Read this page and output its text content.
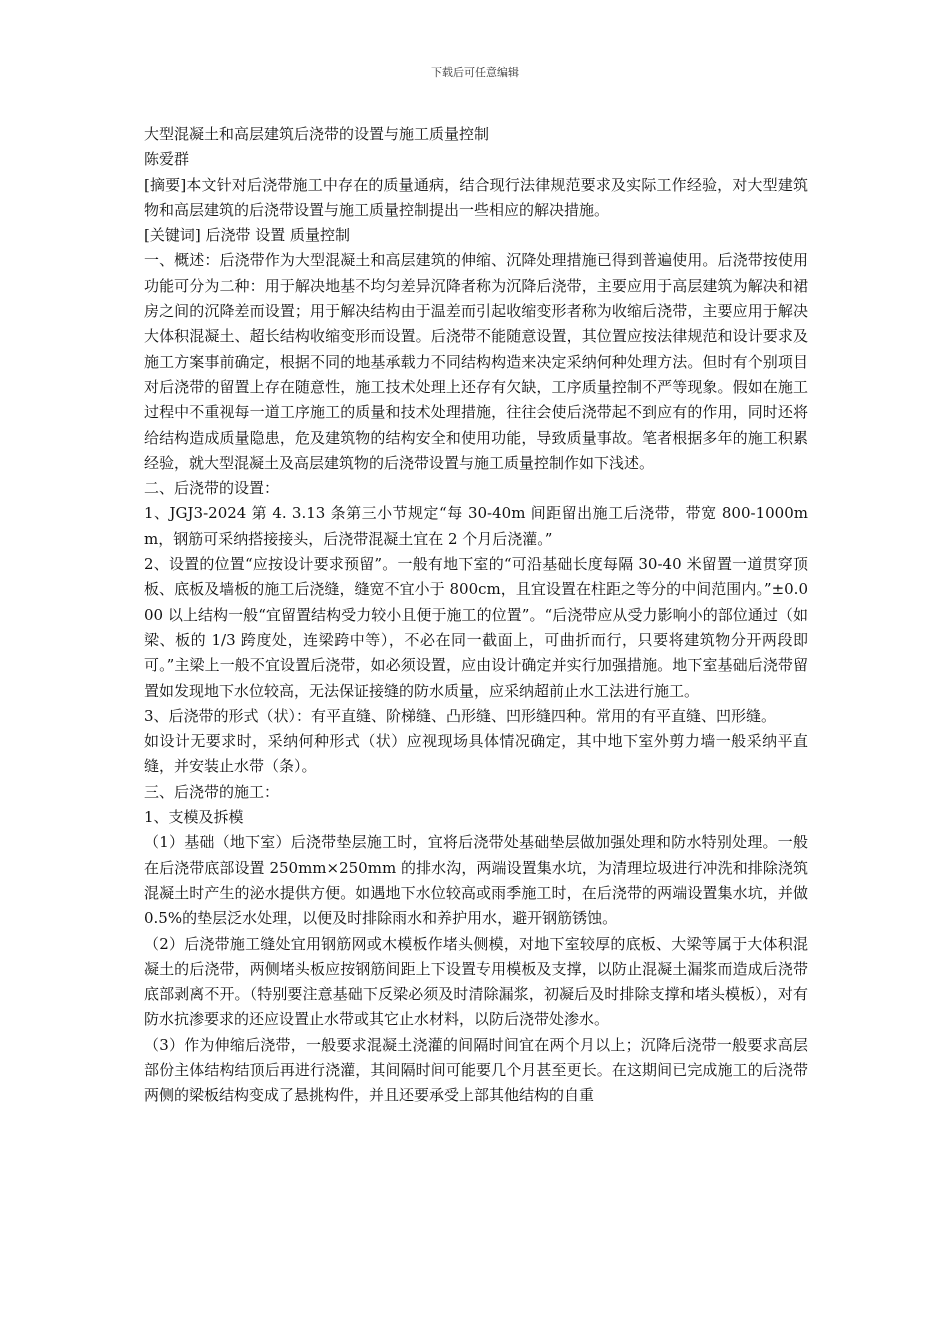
下载后可任意编辑

大型混凝土和高层建筑后浇带的设置与施工质量控制

陈爱群

[摘要]本文针对后浇带施工中存在的质量通病，结合现行法律规范要求及实际工作经验，对大型建筑物和高层建筑的后浇带设置与施工质量控制提出一些相应的解决措施。

[关键词] 后浇带 设置 质量控制

一、概述：后浇带作为大型混凝土和高层建筑的伸缩、沉降处理措施已得到普遍使用。后浇带按使用功能可分为二种：用于解决地基不均匀差异沉降者称为沉降后浇带，主要应用于高层建筑为解决和裙房之间的沉降差而设置；用于解决结构由于温差而引起收缩变形者称为收缩后浇带，主要应用于解决大体积混凝土、超长结构收缩变形而设置。后浇带不能随意设置，其位置应按法律规范和设计要求及施工方案事前确定，根据不同的地基承载力不同结构构造来决定采纳何种处理方法。但时有个别项目对后浇带的留置上存在随意性，施工技术处理上还存有欠缺，工序质量控制不严等现象。假如在施工过程中不重视每一道工序施工的质量和技术处理措施，往往会使后浇带起不到应有的作用，同时还将给结构造成质量隐患，危及建筑物的结构安全和使用功能，导致质量事故。笔者根据多年的施工积累经验，就大型混凝土及高层建筑物的后浇带设置与施工质量控制作如下浅述。

二、后浇带的设置：

1、JGJ3-2024 第 4. 3.13 条第三小节规定“每 30-40m 间距留出施工后浇带，带宽 800-1000mm，钢筋可采纳搭接接头，后浇带混凝土宜在 2 个月后浇灌。”

2、设置的位置“应按设计要求预留”。一般有地下室的“可沿基础长度每隔 30-40 米留置一道贯穿顶板、底板及墙板的施工后浇缝，缝宽不宜小于 800cm，且宜设置在柱距之等分的中间范围内。”±0.000 以上结构一般“宜留置结构受力较小且便于施工的位置”。“后浇带应从受力影响小的部位通过（如梁、板的 1/3 跨度处，连梁跨中等），不必在同一截面上，可曲折而行，只要将建筑物分开两段即可。”主梁上一般不宜设置后浇带，如必须设置，应由设计确定并实行加强措施。地下室基础后浇带留置如发现地下水位较高，无法保证接缝的防水质量，应采纳超前止水工法进行施工。

3、后浇带的形式（状）：有平直缝、阶梯缝、凸形缝、凹形缝四种。常用的有平直缝、凹形缝。

如设计无要求时，采纳何种形式（状）应视现场具体情况确定，其中地下室外剪力墙一般采纳平直缝，并安装止水带（条）。

三、后浇带的施工：

1、支模及拆模

（1）基础（地下室）后浇带垫层施工时，宜将后浇带处基础垫层做加强处理和防水特别处理。一般在后浇带底部设置 250mm×250mm 的排水沟，两端设置集水坑，为清理垃圾进行冲洗和排除浇筑混凝土时产生的泌水提供方便。如遇地下水位较高或雨季施工时，在后浇带的两端设置集水坑，并做 0.5%的垫层泛水处理，以便及时排除雨水和养护用水，避开钢筋锈蚀。

（2）后浇带施工缝处宜用钢筋网或木模板作堵头侧模，对地下室较厚的底板、大梁等属于大体积混凝土的后浇带，两侧堵头板应按钢筋间距上下设置专用模板及支撑，以防止混凝土漏浆而造成后浇带底部剥离不开。（特别要注意基础下反梁必须及时清除漏浆，初凝后及时排除支撑和堵头模板），对有防水抗渗要求的还应设置止水带或其它止水材料，以防后浇带处渗水。

（3）作为伸缩后浇带，一般要求混凝土浇灌的间隔时间宜在两个月以上；沉降后浇带一般要求高层部份主体结构结顶后再进行浇灌，其间隔时间可能要几个月甚至更长。在这期间已完成施工的后浇带两侧的梁板结构变成了悬挑构件，并且还要承受上部其他结构的自重
